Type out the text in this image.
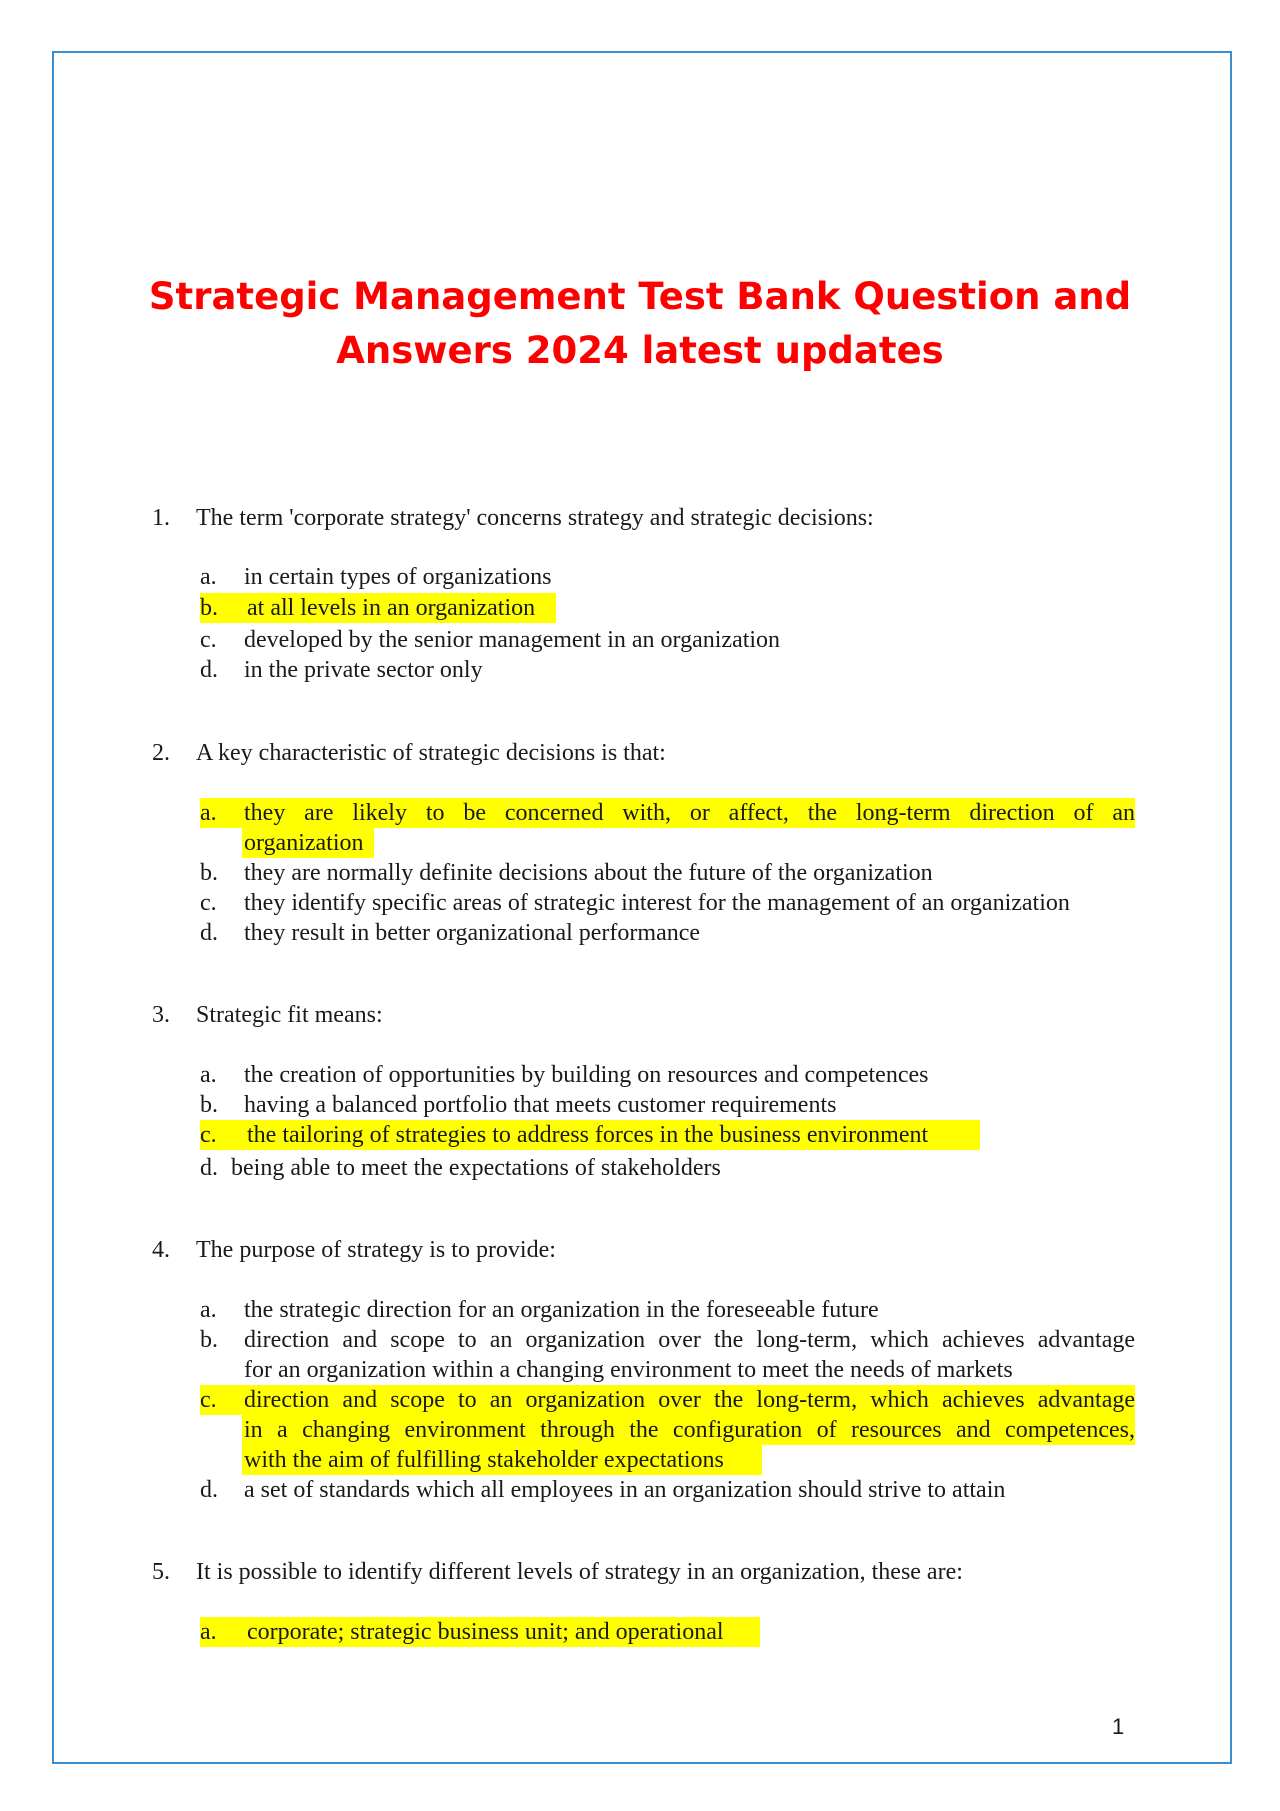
Strategic Management Test Bank Question and
Answers 2024 latest updates
1. The term 'corporate strategy' concerns strategy and strategic decisions:
a. in certain types of organizations
b. at all levels in an organization
c. developed by the senior management in an organization
d. in the private sector only
2. A key characteristic of strategic decisions is that:
a. they are likely to be concerned with, or affect, the long-term direction of an
organization
b. they are normally definite decisions about the future of the organization
c. they identify specific areas of strategic interest for the management of an organization
d. they result in better organizational performance
3. Strategic fit means:
a. the creation of opportunities by building on resources and competences
b. having a balanced portfolio that meets customer requirements
c. the tailoring of strategies to address forces in the business environment
d. being able to meet the expectations of stakeholders
4. The purpose of strategy is to provide:
a. the strategic direction for an organization in the foreseeable future
b. direction and scope to an organization over the long-term, which achieves advantage
for an organization within a changing environment to meet the needs of markets
c. direction and scope to an organization over the long-term, which achieves advantage
in a changing environment through the configuration of resources and competences,
with the aim of fulfilling stakeholder expectations
d. a set of standards which all employees in an organization should strive to attain
5. It is possible to identify different levels of strategy in an organization, these are:
a. corporate; strategic business unit; and operational
1
